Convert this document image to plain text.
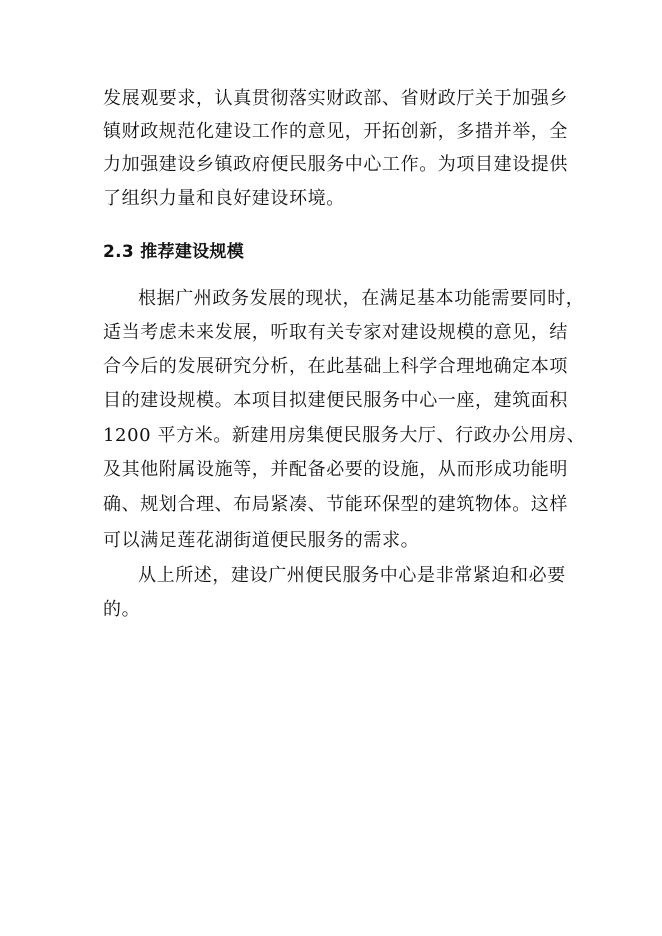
发展观要求，认真贯彻落实财政部、省财政厅关于加强乡
镇财政规范化建设工作的意见，开拓创新，多措并举，全
力加强建设乡镇政府便民服务中心工作。为项目建设提供
了组织力量和良好建设环境。
2.3 推荐建设规模
根据广州政务发展的现状，在满足基本功能需要同时，
适当考虑未来发展，听取有关专家对建设规模的意见，结
合今后的发展研究分析，在此基础上科学合理地确定本项
目的建设规模。本项目拟建便民服务中心一座，建筑面积
1200 平方米。新建用房集便民服务大厅、行政办公用房、
及其他附属设施等，并配备必要的设施，从而形成功能明
确、规划合理、布局紧凑、节能环保型的建筑物体。这样
可以满足莲花湖街道便民服务的需求。
从上所述，建设广州便民服务中心是非常紧迫和必要
的。
